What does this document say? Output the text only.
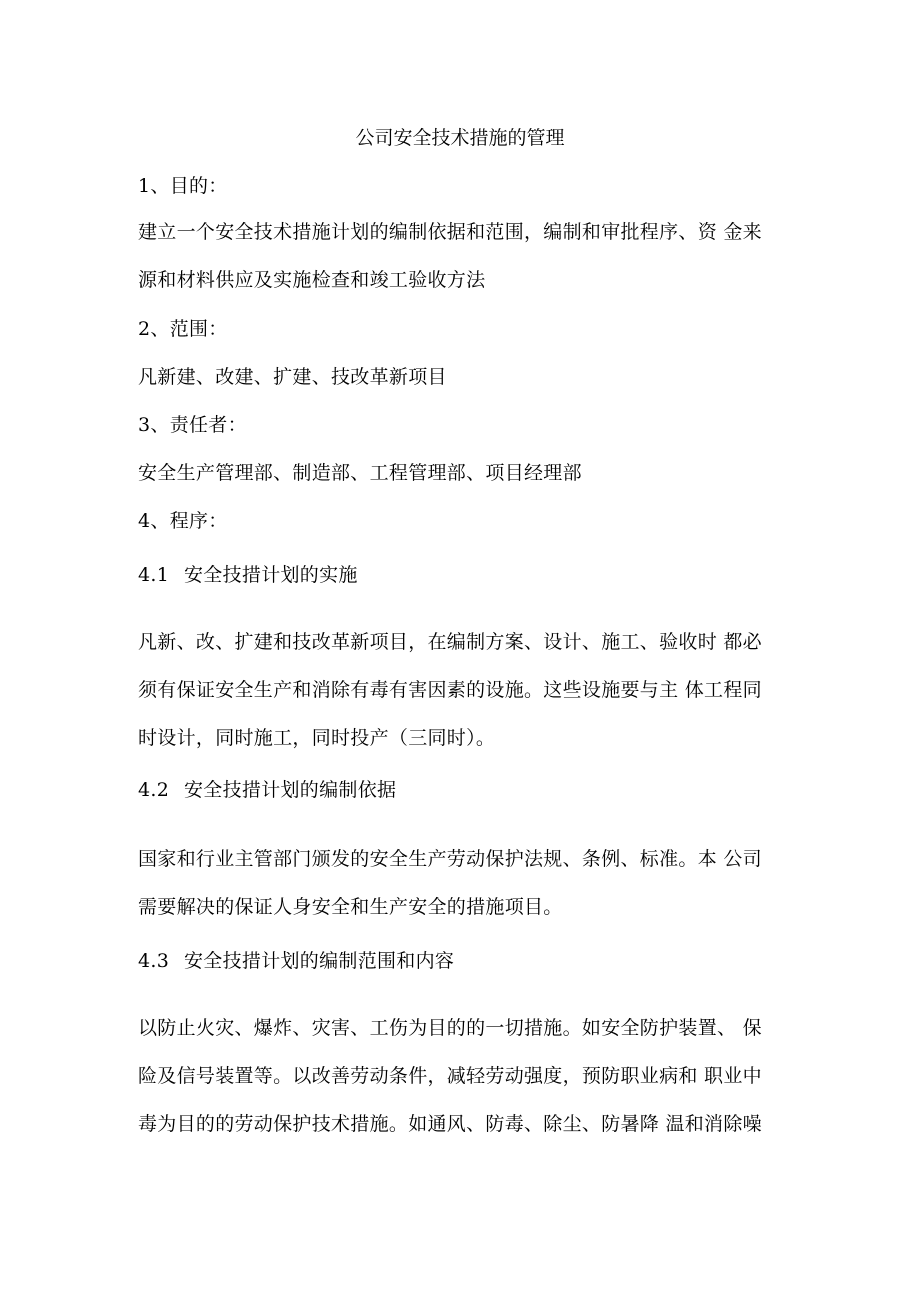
公司安全技术措施的管理
1、目的：
建立一个安全技术措施计划的编制依据和范围，编制和审批程序、资 金来
源和材料供应及实施检查和竣工验收方法
2、范围：
凡新建、改建、扩建、技改革新项目
3、责任者：
安全生产管理部、制造部、工程管理部、项目经理部
4、程序：
4.1 安全技措计划的实施
凡新、改、扩建和技改革新项目，在编制方案、设计、施工、验收时 都必
须有保证安全生产和消除有毒有害因素的设施。这些设施要与主 体工程同
时设计，同时施工，同时投产（三同时）。
4.2 安全技措计划的编制依据
国家和行业主管部门颁发的安全生产劳动保护法规、条例、标准。本 公司
需要解决的保证人身安全和生产安全的措施项目。
4.3 安全技措计划的编制范围和内容
以防止火灾、爆炸、灾害、工伤为目的的一切措施。如安全防护装置、 保
险及信号装置等。以改善劳动条件，减轻劳动强度，预防职业病和 职业中
毒为目的的劳动保护技术措施。如通风、防毒、除尘、防暑降 温和消除噪
